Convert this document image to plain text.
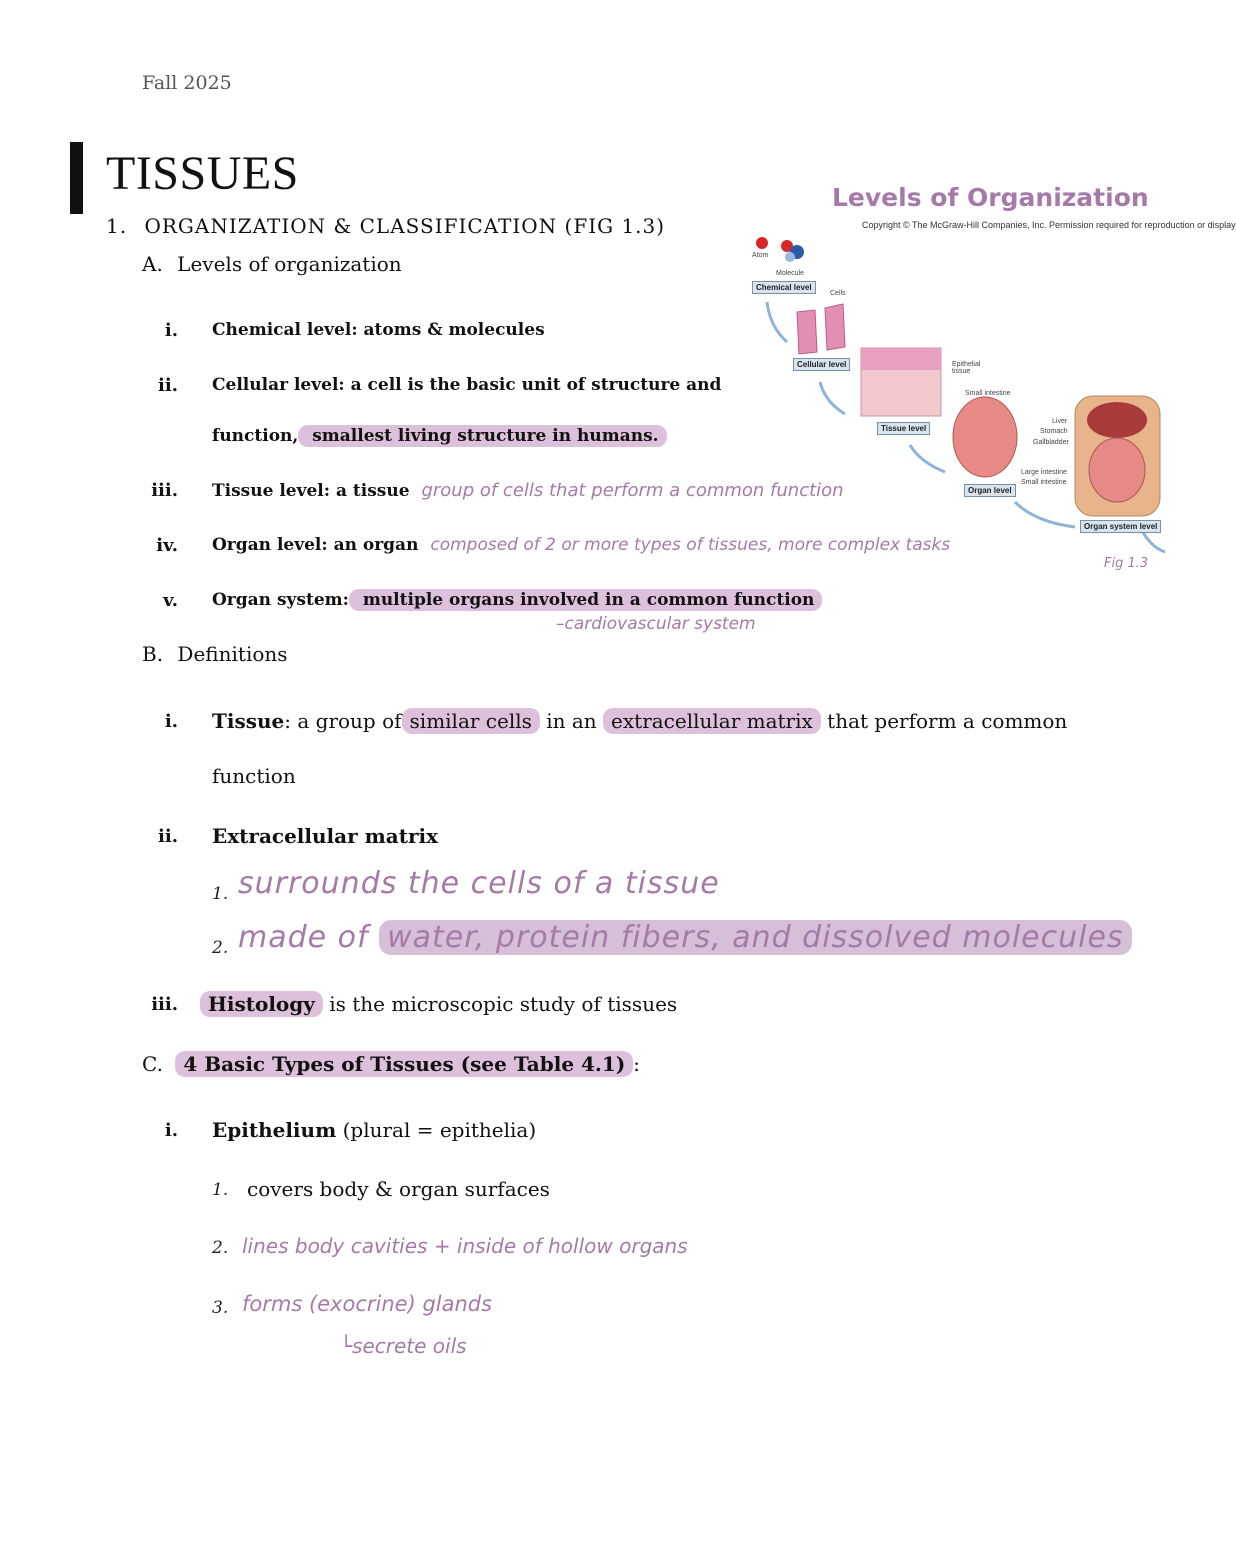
Fall 2025
TISSUES
1. ORGANIZATION & CLASSIFICATION (FIG 1.3)
A. Levels of organization
i. Chemical level: atoms & molecules
ii. Cellular level: a cell is the basic unit of structure and
function, smallest living structure in humans.
iii. Tissue level: a tissue group of cells that perform a common function
iv. Organ level: an organ composed of 2 or more types of tissues, more complex tasks
v. Organ system: multiple organs involved in a common function
–cardiovascular system
B. Definitions
i. Tissue: a group of similar cells in an extracellular matrix that perform a common
function
ii. Extracellular matrix
1. surrounds the cells of a tissue
2. made of water, protein fibers, and dissolved molecules
iii.	Histology is the microscopic study of tissues
C. 4 Basic Types of Tissues (see Table 4.1) :
i. Epithelium (plural = epithelia)
1. covers body & organ surfaces
2. lines body cavities + inside of hollow organs
3. forms (exocrine) glands
└secrete oils
Levels of Organization
Copyright © The McGraw-Hill Companies, Inc. Permission required for reproduction or display
Atom
Molecule
Chemical level
Cells
Cellular level	Epithelial tissue
Small intestine
Tissue level
Organ level
Liver
Stomach
Gallbladder
Large intestine
Small intestine
Organ system level
Fig 1.3
